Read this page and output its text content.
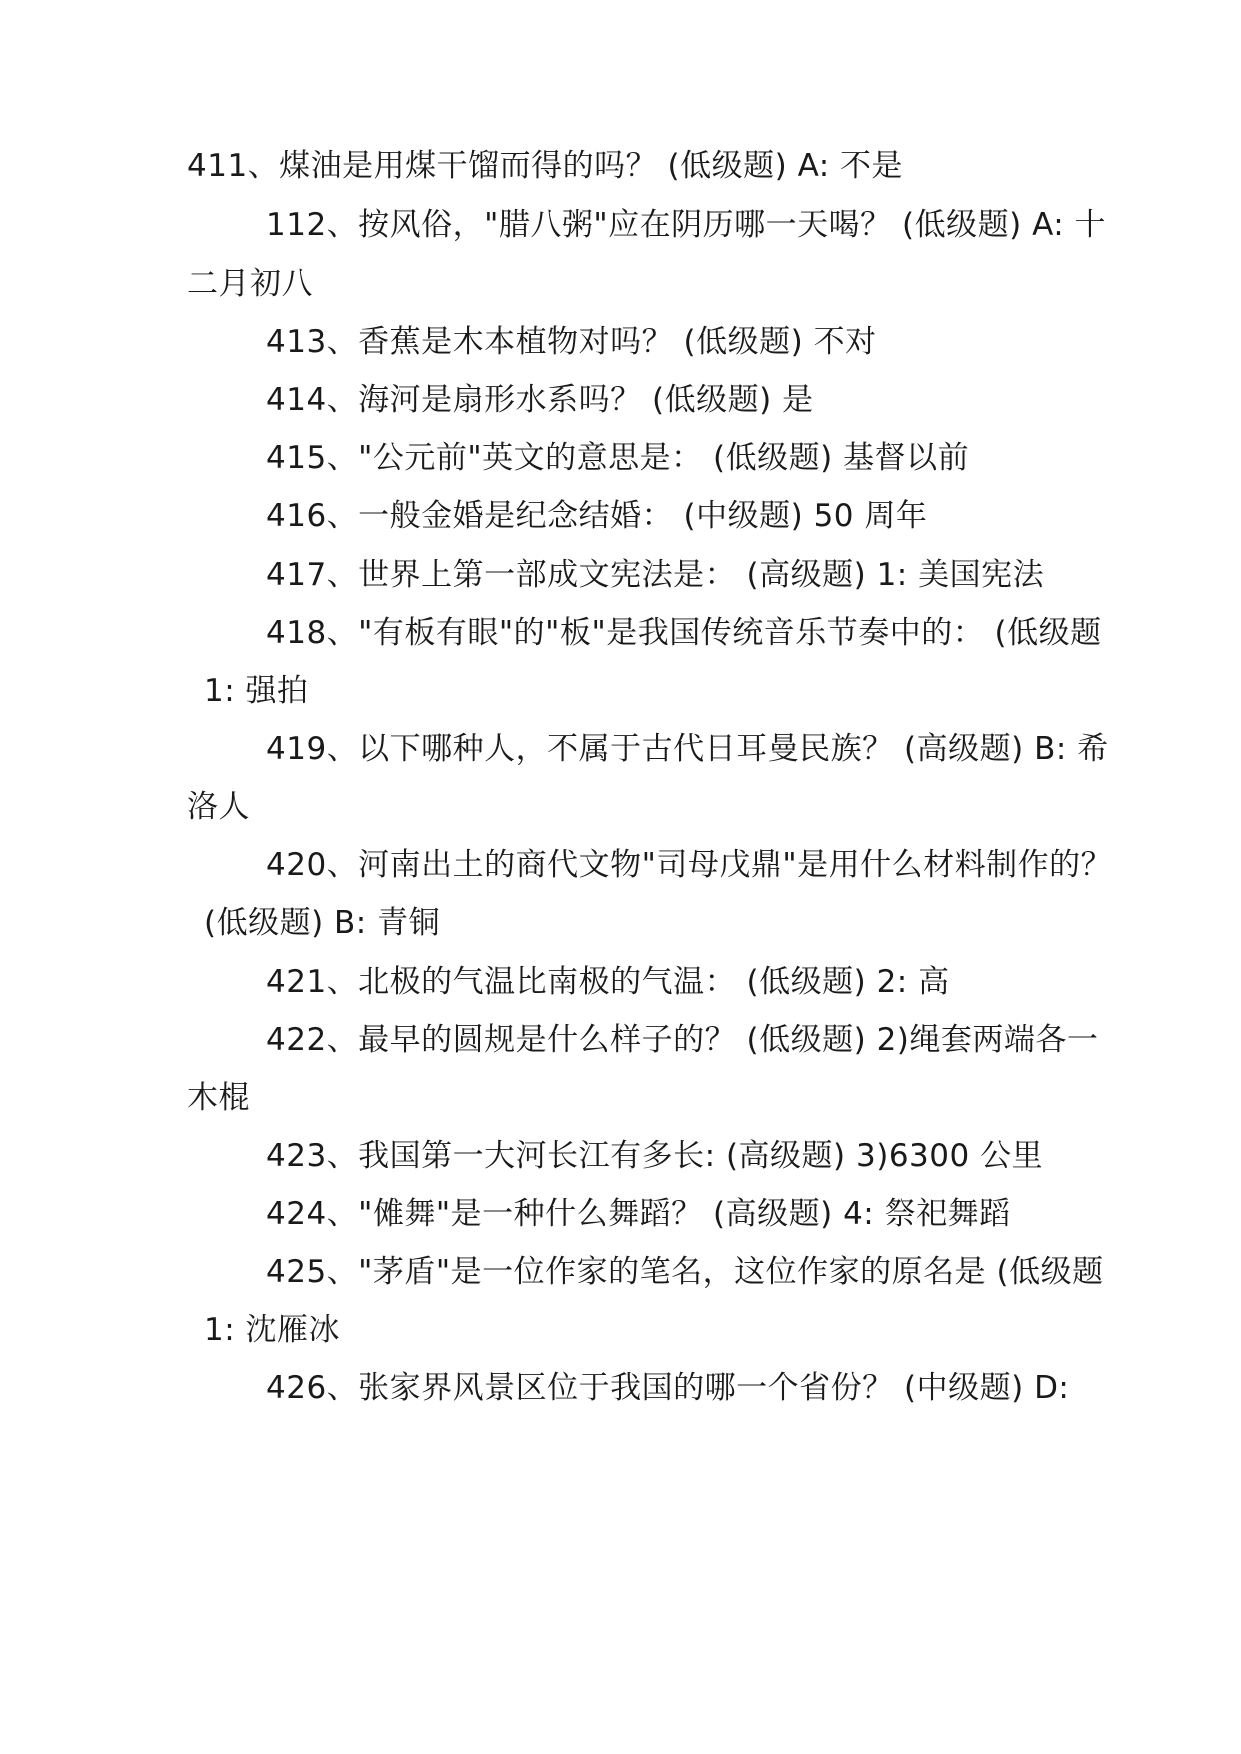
411、煤油是用煤干馏而得的吗？ (低级题) A: 不是
112、按风俗，"腊八粥"应在阴历哪一天喝？ (低级题) A: 十
二月初八
413、香蕉是木本植物对吗？ (低级题) 不对
414、海河是扇形水系吗？ (低级题) 是
415、"公元前"英文的意思是： (低级题) 基督以前
416、一般金婚是纪念结婚： (中级题) 50 周年
417、世界上第一部成文宪法是： (高级题) 1: 美国宪法
418、"有板有眼"的"板"是我国传统音乐节奏中的： (低级题
1: 强拍
419、以下哪种人，不属于古代日耳曼民族？ (高级题) B: 希
洛人
420、河南出土的商代文物"司母戊鼎"是用什么材料制作的？
(低级题) B: 青铜
421、北极的气温比南极的气温： (低级题) 2: 高
422、最早的圆规是什么样子的？ (低级题) 2)绳套两端各一
木棍
423、我国第一大河长江有多长: (高级题) 3)6300 公里
424、"傩舞"是一种什么舞蹈？ (高级题) 4: 祭祀舞蹈
425、"茅盾"是一位作家的笔名，这位作家的原名是 (低级题
1: 沈雁冰
426、张家界风景区位于我国的哪一个省份？ (中级题) D:
